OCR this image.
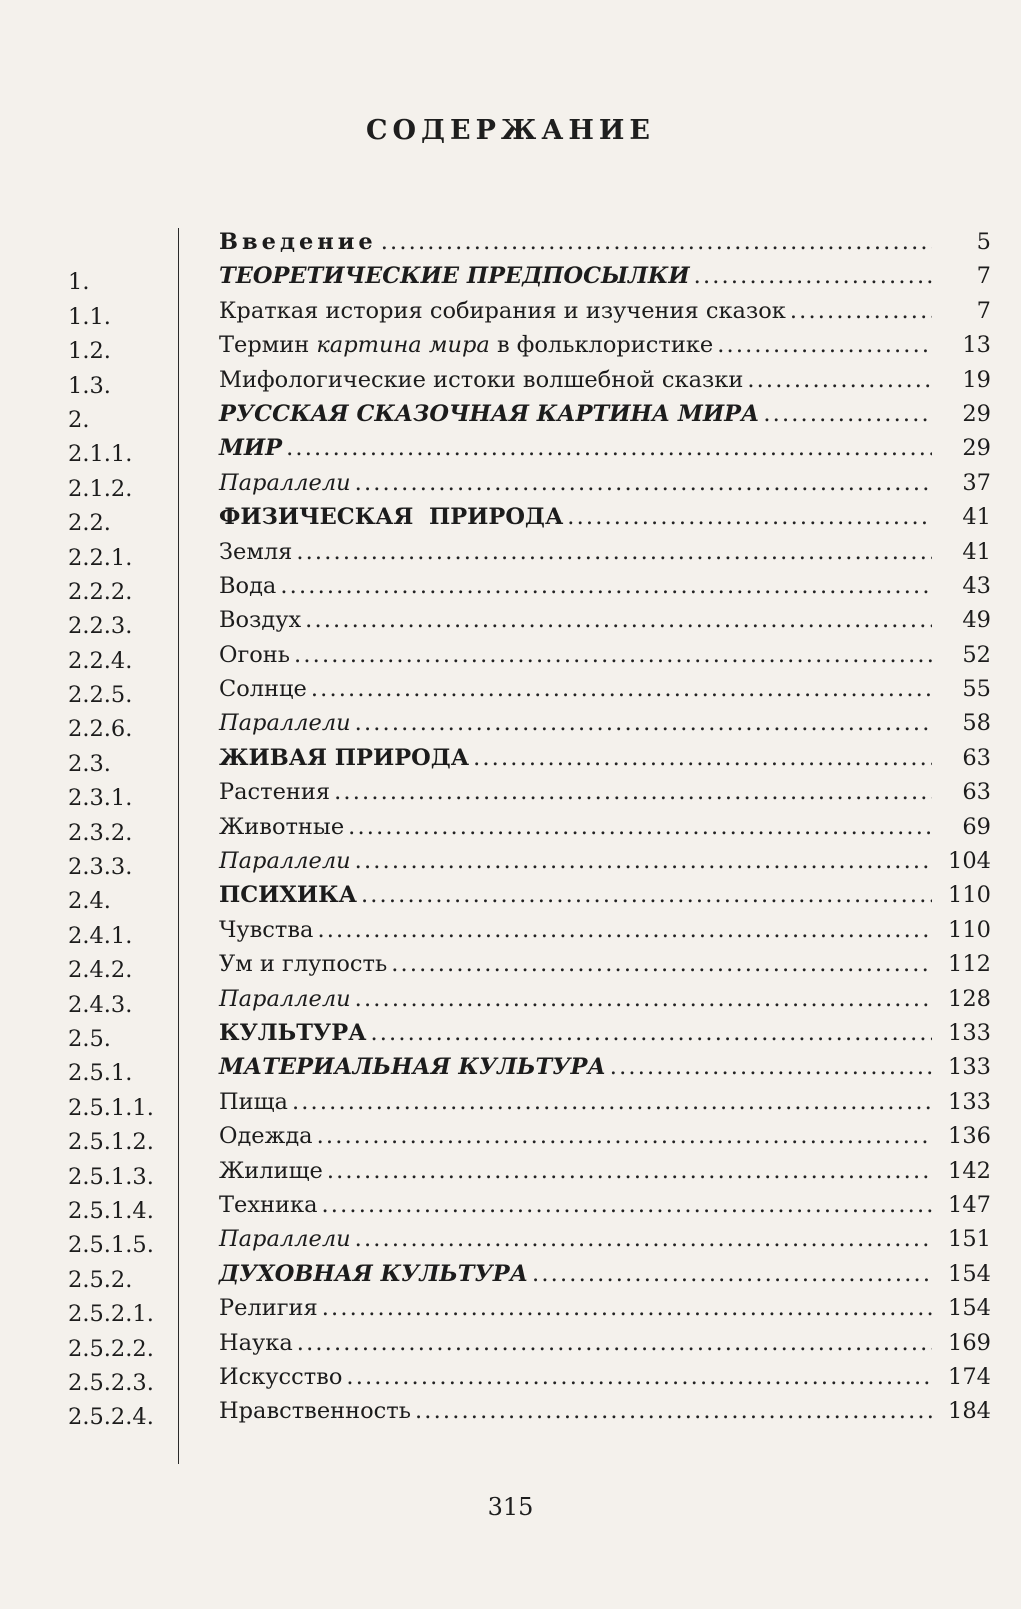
СОДЕРЖАНИЕ
Введение . . .	5
1.	ТЕОРЕТИЧЕСКИЕ ПРЕДПОСЫЛКИ . . .	7
1.1.	Краткая история собирания и изучения сказок . . .	7
1.2.	Термин картина мира в фольклористике . . .	13
1.3.	Мифологические истоки волшебной сказки . . .	19
2.	РУССКАЯ СКАЗОЧНАЯ КАРТИНА МИРА . . .	29
2.1.1.	МИР . . .	29
2.1.2.	Параллели . . .	37
2.2.	ФИЗИЧЕСКАЯ  ПРИРОДА . . .	41
2.2.1.	Земля . . .	41
2.2.2.	Вода . . .	43
2.2.3.	Воздух . . .	49
2.2.4.	Огонь . . .	52
2.2.5.	Солнце . . .	55
2.2.6.	Параллели . . .	58
2.3.	ЖИВАЯ ПРИРОДА . . .	63
2.3.1.	Растения . . .	63
2.3.2.	Животные . . .	69
2.3.3.	Параллели . . .	104
2.4.	ПСИХИКА . . .	110
2.4.1.	Чувства . . .	110
2.4.2.	Ум и глупость . . .	112
2.4.3.	Параллели . . .	128
2.5.	КУЛЬТУРА . . .	133
2.5.1.	МАТЕРИАЛЬНАЯ КУЛЬТУРА . . .	133
2.5.1.1.	Пища . . .	133
2.5.1.2.	Одежда . . .	136
2.5.1.3.	Жилище . . .	142
2.5.1.4.	Техника . . .	147
2.5.1.5.	Параллели . . .	151
2.5.2.	ДУХОВНАЯ КУЛЬТУРА . . .	154
2.5.2.1.	Религия . . .	154
2.5.2.2.	Наука . . .	169
2.5.2.3.	Искусство . . .	174
2.5.2.4.	Нравственность . . .	184
315
